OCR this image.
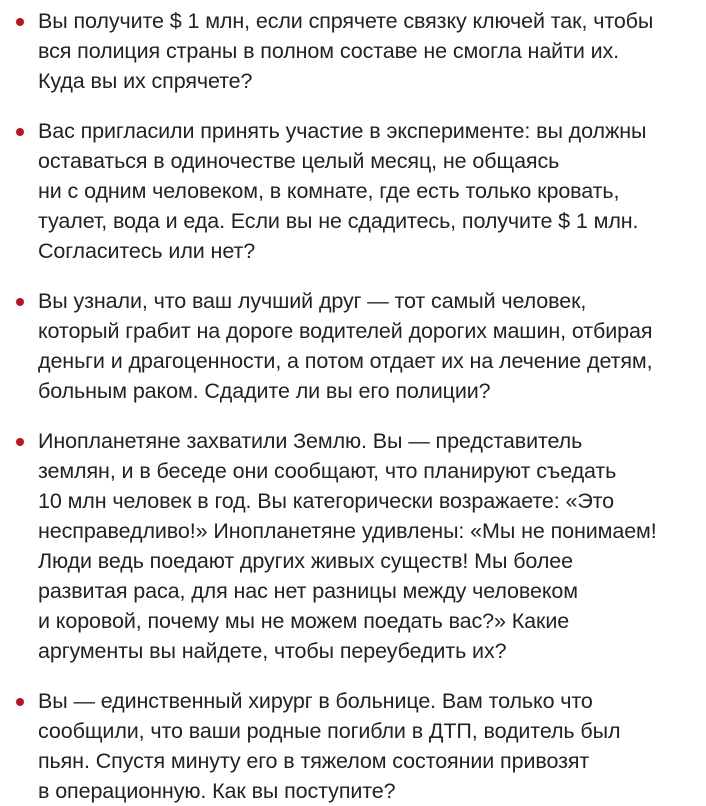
Вы получите $ 1 млн, если спрячете связку ключей так, чтобы
вся полиция страны в полном составе не смогла найти их.
Куда вы их спрячете?
Вас пригласили принять участие в эксперименте: вы должны
оставаться в одиночестве целый месяц, не общаясь
ни с одним человеком, в комнате, где есть только кровать,
туалет, вода и еда. Если вы не сдадитесь, получите $ 1 млн.
Согласитесь или нет?
Вы узнали, что ваш лучший друг — тот самый человек,
который грабит на дороге водителей дорогих машин, отбирая
деньги и драгоценности, а потом отдает их на лечение детям,
больным раком. Сдадите ли вы его полиции?
Инопланетяне захватили Землю. Вы — представитель
землян, и в беседе они сообщают, что планируют съедать
10 млн человек в год. Вы категорически возражаете: «Это
несправедливо!» Инопланетяне удивлены: «Мы не понимаем!
Люди ведь поедают других живых существ! Мы более
развитая раса, для нас нет разницы между человеком
и коровой, почему мы не можем поедать вас?» Какие
аргументы вы найдете, чтобы переубедить их?
Вы — единственный хирург в больнице. Вам только что
сообщили, что ваши родные погибли в ДТП, водитель был
пьян. Спустя минуту его в тяжелом состоянии привозят
в операционную. Как вы поступите?
